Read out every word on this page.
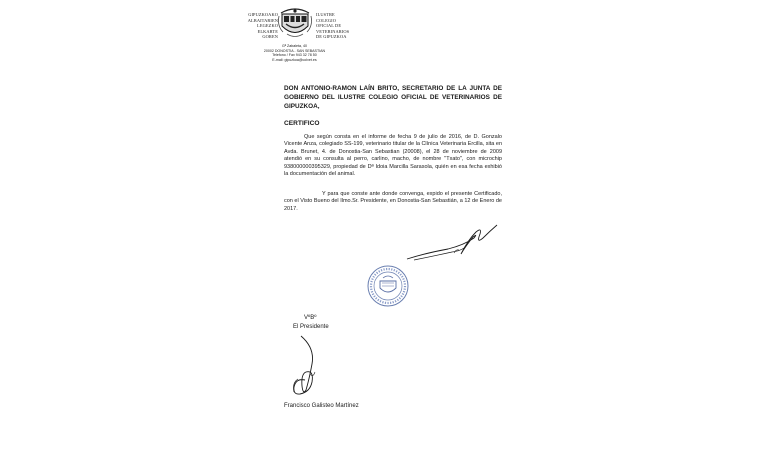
GIPUZKOAKO
ALBAITARIEN
LEGEZKO
ELKARTE
GOREN
ILUSTRE
COLEGIO
OFICIAL DE
VETERINARIOS
DE GIPUZKOA
Gª Zabaleta, 40
20002 DONOSTIA - SAN SEBASTIAN
Telefono / Fax 943 32 78 50
E-mail: gipuzkoa@colvet.es
DON ANTONIO-RAMON LAÍN BRITO, SECRETARIO DE LA JUNTA DE GOBIERNO DEL ILUSTRE COLEGIO OFICIAL DE VETERINARIOS DE GIPUZKOA,
CERTIFICO
Que según consta en el informe de fecha 9 de julio de 2016, de D. Gonzalo Vicente Anza, colegiado SS-199, veterinario titular de la Clínica Veterinaria Ercilla, sita en Avda. Brunet, 4. de Donostia-San Sebastian (20008), el 28 de noviembre de 2009 atendió en su consulta al perro, carlino, macho, de nombre "Txato", con microchip 938000000395329, propiedad de Dª Idoia Marcilla Sarasola, quién en esa fecha exhibió la documentación del animal.
Y para que conste ante donde convenga, expido el presente Certificado, con el Visto Bueno del Ilmo.Sr. Presidente, en Donostia-San Sebastián, a 12 de Enero de 2017.
VºBº
El Presidente
Francisco Galisteo Martínez
